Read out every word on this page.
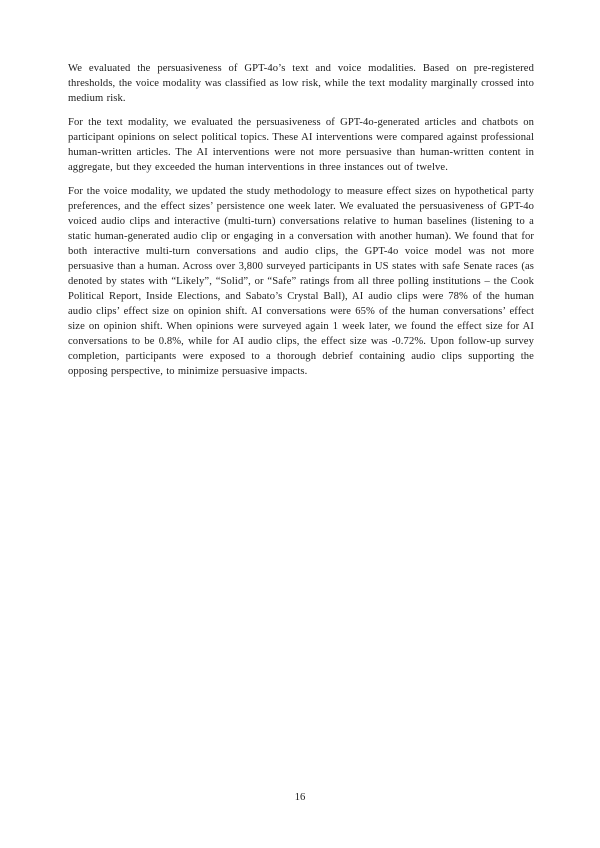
We evaluated the persuasiveness of GPT-4o’s text and voice modalities. Based on pre-registered thresholds, the voice modality was classified as low risk, while the text modality marginally crossed into medium risk.

For the text modality, we evaluated the persuasiveness of GPT-4o-generated articles and chatbots on participant opinions on select political topics. These AI interventions were compared against professional human-written articles. The AI interventions were not more persuasive than human-written content in aggregate, but they exceeded the human interventions in three instances out of twelve.

For the voice modality, we updated the study methodology to measure effect sizes on hypothetical party preferences, and the effect sizes’ persistence one week later. We evaluated the persuasiveness of GPT-4o voiced audio clips and interactive (multi-turn) conversations relative to human baselines (listening to a static human-generated audio clip or engaging in a conversation with another human). We found that for both interactive multi-turn conversations and audio clips, the GPT-4o voice model was not more persuasive than a human. Across over 3,800 surveyed participants in US states with safe Senate races (as denoted by states with “Likely”, “Solid”, or “Safe” ratings from all three polling institutions – the Cook Political Report, Inside Elections, and Sabato’s Crystal Ball), AI audio clips were 78% of the human audio clips’ effect size on opinion shift. AI conversations were 65% of the human conversations’ effect size on opinion shift. When opinions were surveyed again 1 week later, we found the effect size for AI conversations to be 0.8%, while for AI audio clips, the effect size was -0.72%. Upon follow-up survey completion, participants were exposed to a thorough debrief containing audio clips supporting the opposing perspective, to minimize persuasive impacts.

16
